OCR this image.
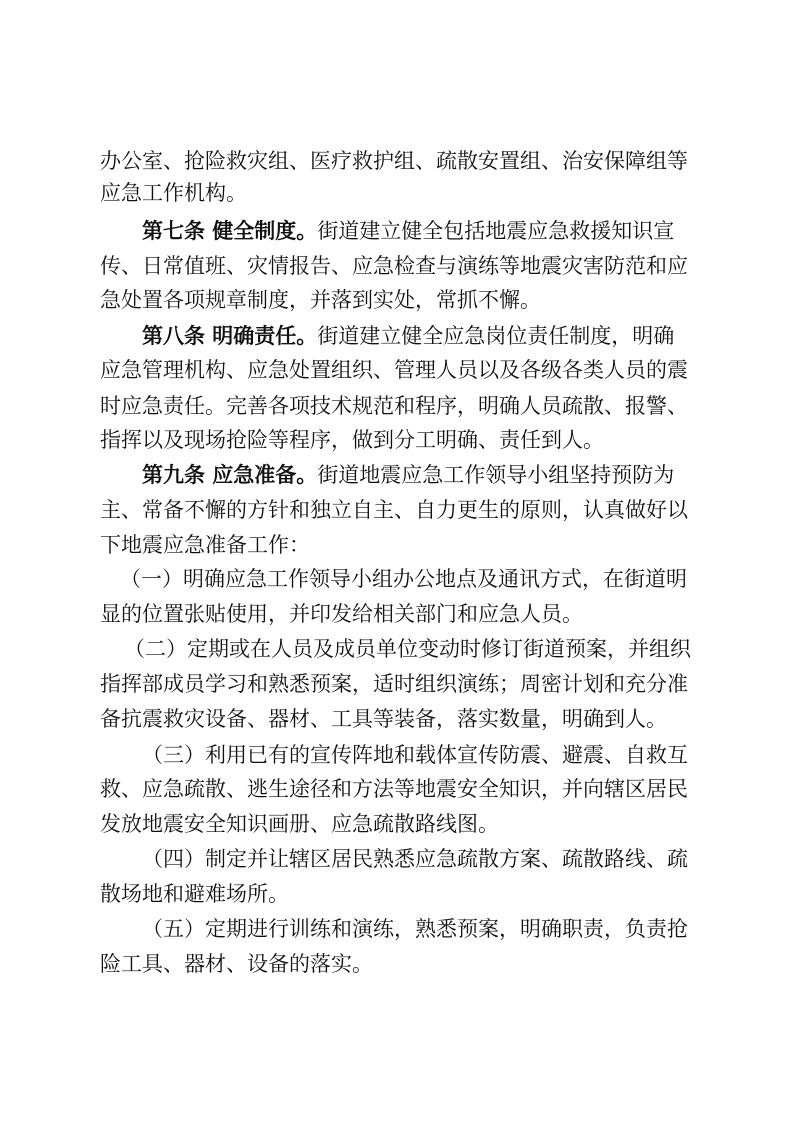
办公室、抢险救灾组、医疗救护组、疏散安置组、治安保障组等
应急工作机构。
第七条 健全制度。街道建立健全包括地震应急救援知识宣
传、日常值班、灾情报告、应急检查与演练等地震灾害防范和应
急处置各项规章制度，并落到实处，常抓不懈。
第八条 明确责任。街道建立健全应急岗位责任制度，明确
应急管理机构、应急处置组织、管理人员以及各级各类人员的震
时应急责任。完善各项技术规范和程序，明确人员疏散、报警、
指挥以及现场抢险等程序，做到分工明确、责任到人。
第九条 应急准备。街道地震应急工作领导小组坚持预防为
主、常备不懈的方针和独立自主、自力更生的原则，认真做好以
下地震应急准备工作：
（一）明确应急工作领导小组办公地点及通讯方式，在街道明
显的位置张贴使用，并印发给相关部门和应急人员。
（二）定期或在人员及成员单位变动时修订街道预案，并组织
指挥部成员学习和熟悉预案，适时组织演练；周密计划和充分准
备抗震救灾设备、器材、工具等装备，落实数量，明确到人。
（三）利用已有的宣传阵地和载体宣传防震、避震、自救互
救、应急疏散、逃生途径和方法等地震安全知识，并向辖区居民
发放地震安全知识画册、应急疏散路线图。
（四）制定并让辖区居民熟悉应急疏散方案、疏散路线、疏
散场地和避难场所。
（五）定期进行训练和演练，熟悉预案，明确职责，负责抢
险工具、器材、设备的落实。
